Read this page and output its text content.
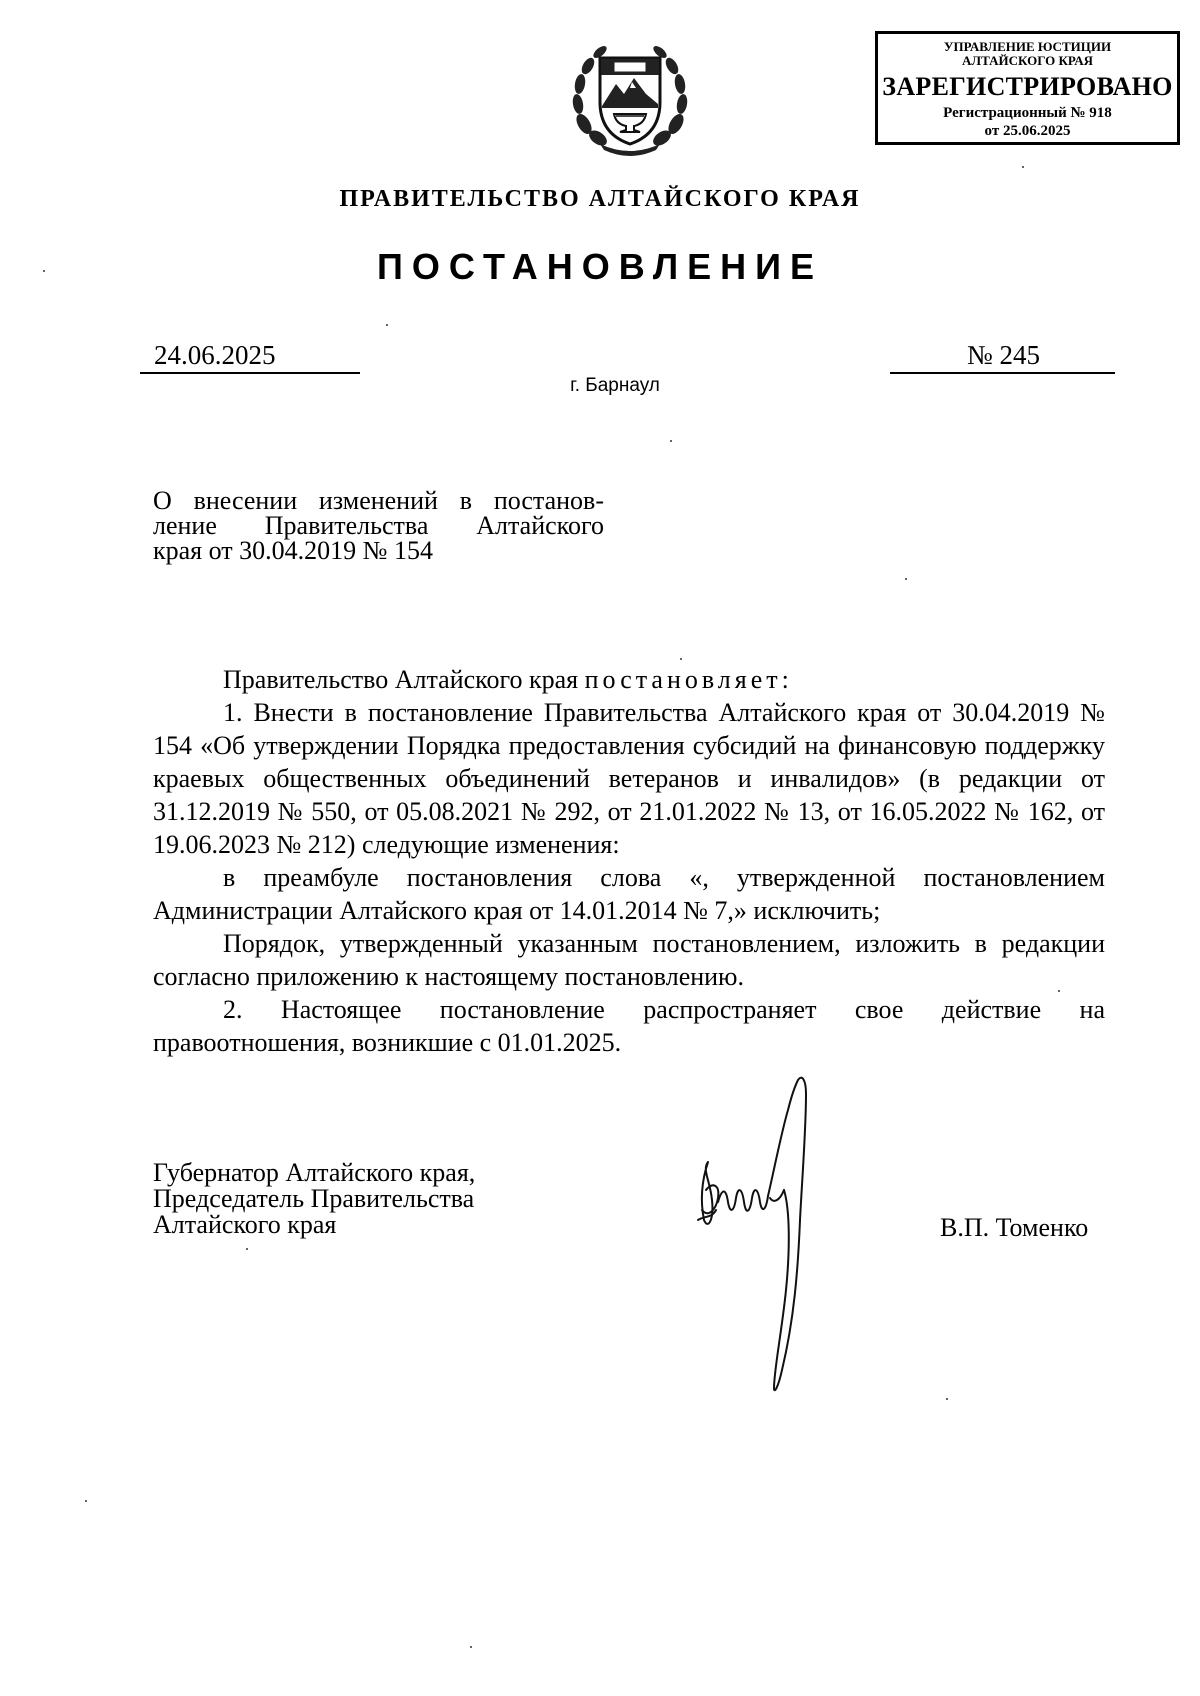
УПРАВЛЕНИЕ ЮСТИЦИИ
АЛТАЙСКОГО КРАЯ
ЗАРЕГИСТРИРОВАНО
Регистрационный № 918
от 25.06.2025
ПРАВИТЕЛЬСТВО АЛТАЙСКОГО КРАЯ
ПОСТАНОВЛЕНИЕ
24.06.2025	№ 245
г. Барнаул
О внесении изменений в постанов-
ление Правительства Алтайского
края от 30.04.2019 № 154

Правительство Алтайского края постановляет:

1. Внести в постановление Правительства Алтайского края от 30.04.2019 № 154 «Об утверждении Порядка предоставления субсидий на финансовую поддержку краевых общественных объединений ветеранов и инвалидов» (в редакции от 31.12.2019 № 550, от 05.08.2021 № 292, от 21.01.2022 № 13, от 16.05.2022 № 162, от 19.06.2023 № 212) следующие изменения:

в преамбуле постановления слова «, утвержденной постановлением Администрации Алтайского края от 14.01.2014 № 7,» исключить;

Порядок, утвержденный указанным постановлением, изложить в редакции согласно приложению к настоящему постановлению.

2. Настоящее постановление распространяет свое действие на правоотношения, возникшие с 01.01.2025.

Губернатор Алтайского края,
Председатель Правительства
Алтайского края	В.П. Томенко
